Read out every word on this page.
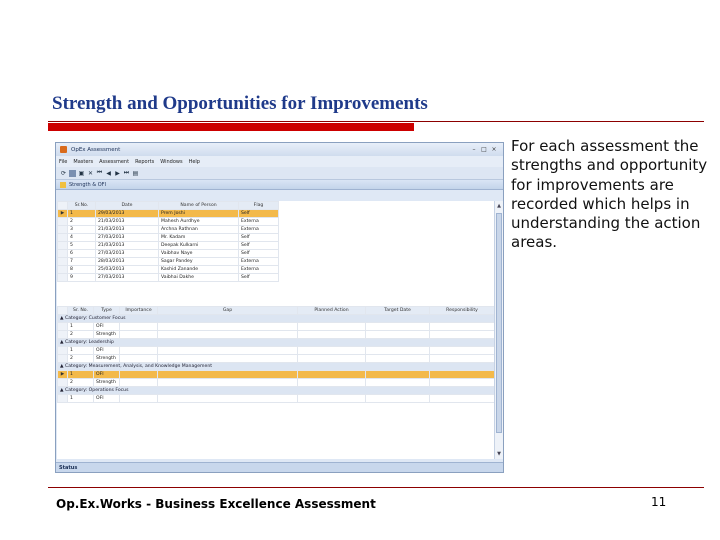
Strength and Opportunities for Improvements
For each assessment the strengths and opportunity for improvements are recorded which helps in understanding the action areas.
Op.Ex.Works - Business Excellence Assessment	11
OpEx Assessment	– □ ×
File Masters Assessment Reports Windows Help
⟳ ▣ ✕ ⏮ ◀ ▶ ⏭ ▤
Strength & OFI
	Sr.No.	Date	Name of Person	Flag
▶	1	29/03/2013	Prem Joshi	Self
	2	21/03/2013	Mahesh Aurdhye	Externa
	3	21/03/2013	Archna Rathnan	Externa
	4	27/03/2013	Mr. Kadam	Self
	5	21/03/2013	Deepak Kulkarni	Self
	6	27/03/2013	Vaibhav Naye	Self
	7	28/03/2013	Sagar Pandey	Externa
	8	25/03/2013	Kashid Zanande	Externa
	9	27/03/2013	Vaibhai Dakhe	Self
	Sr. No.	Type	Importance	Gap	Planned Action	Target Date	Responsibility
▲ Category: Customer Focus							
	1	OFI					
	2	Strength					
▲ Category: Leadership							
	1	OFI					
	2	Strength					
▲ Category: Measurement, Analysis, and Knowledge Management							
▶	1	OFI					
	2	Strength					
▲ Category: Operations Focus							
	1	OFI					
▲
▼
Status
